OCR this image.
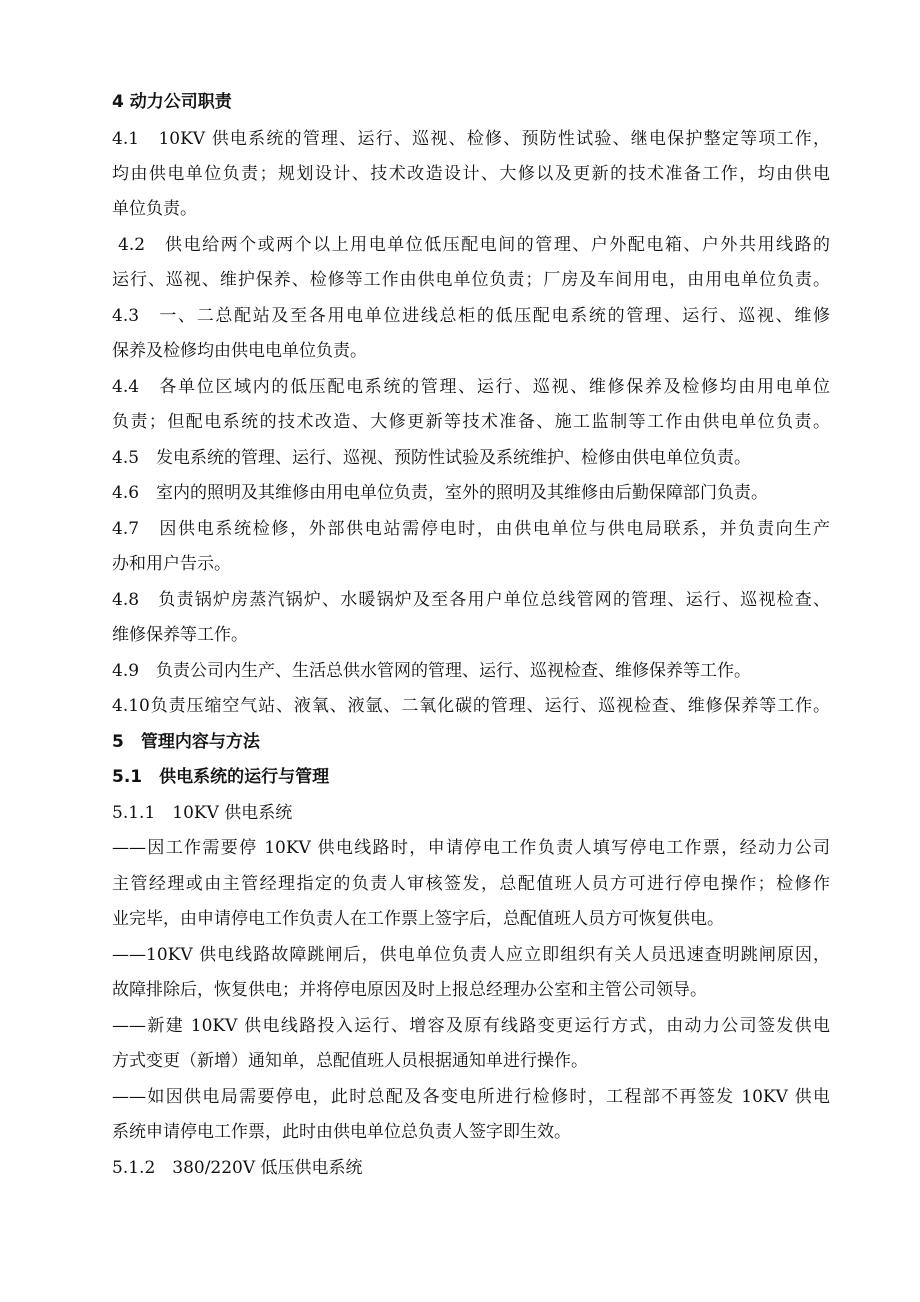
4 动力公司职责
4.1　10KV 供电系统的管理、运行、巡视、检修、预防性试验、继电保护整定等项工作，
均由供电单位负责；规划设计、技术改造设计、大修以及更新的技术准备工作，均由供电
单位负责。
4.2　供电给两个或两个以上用电单位低压配电间的管理、户外配电箱、户外共用线路的
运行、巡视、维护保养、检修等工作由供电单位负责；厂房及车间用电，由用电单位负责。
4.3　一、二总配站及至各用电单位进线总柜的低压配电系统的管理、运行、巡视、维修
保养及检修均由供电电单位负责。
4.4　各单位区域内的低压配电系统的管理、运行、巡视、维修保养及检修均由用电单位
负责；但配电系统的技术改造、大修更新等技术准备、施工监制等工作由供电单位负责。
4.5　发电系统的管理、运行、巡视、预防性试验及系统维护、检修由供电单位负责。
4.6　室内的照明及其维修由用电单位负责，室外的照明及其维修由后勤保障部门负责。
4.7　因供电系统检修，外部供电站需停电时，由供电单位与供电局联系，并负责向生产
办和用户告示。
4.8　负责锅炉房蒸汽锅炉、水暖锅炉及至各用户单位总线管网的管理、运行、巡视检查、
维修保养等工作。
4.9　负责公司内生产、生活总供水管网的管理、运行、巡视检查、维修保养等工作。
4.10负责压缩空气站、液氧、液氩、二氧化碳的管理、运行、巡视检查、维修保养等工作。
5　管理内容与方法
5.1　供电系统的运行与管理
5.1.1　10KV 供电系统
——因工作需要停 10KV 供电线路时，申请停电工作负责人填写停电工作票，经动力公司
主管经理或由主管经理指定的负责人审核签发，总配值班人员方可进行停电操作；检修作
业完毕，由申请停电工作负责人在工作票上签字后，总配值班人员方可恢复供电。
——10KV 供电线路故障跳闸后，供电单位负责人应立即组织有关人员迅速查明跳闸原因，
故障排除后，恢复供电；并将停电原因及时上报总经理办公室和主管公司领导。
——新建 10KV 供电线路投入运行、增容及原有线路变更运行方式，由动力公司签发供电
方式变更（新增）通知单，总配值班人员根据通知单进行操作。
——如因供电局需要停电，此时总配及各变电所进行检修时，工程部不再签发 10KV 供电
系统申请停电工作票，此时由供电单位总负责人签字即生效。
5.1.2　380/220V 低压供电系统
